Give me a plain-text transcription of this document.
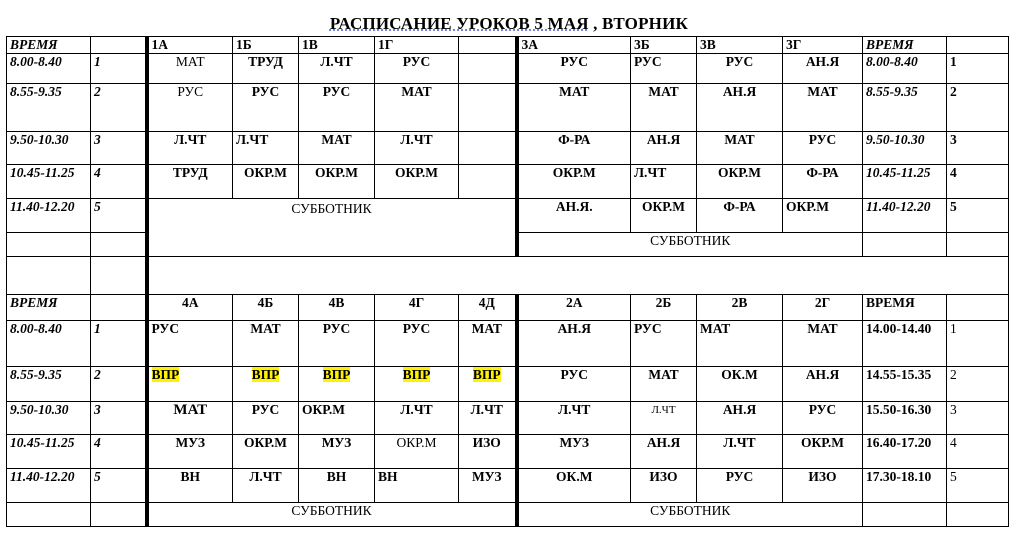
РАСПИСАНИЕ УРОКОВ 5 МАЯ , ВТОРНИК
ВРЕМЯ		1А	1Б	1В	1Г		3А	3Б	3В	3Г	ВРЕМЯ	
8.00-8.40	1	МАТ	ТРУД	Л.ЧТ	РУС		РУС	РУС	РУС	АН.Я	8.00-8.40	1
8.55-9.35	2	РУС	РУС	РУС	МАТ		МАТ	МАТ	АН.Я	МАТ	8.55-9.35	2
9.50-10.30	3	Л.ЧТ	Л.ЧТ	МАТ	Л.ЧТ		Ф-РА	АН.Я	МАТ	РУС	9.50-10.30	3
10.45-11.25	4	ТРУД	ОКР.М	ОКР.М	ОКР.М		ОКР.М	Л.ЧТ	ОКР.М	Ф-РА	10.45-11.25	4
11.40-12.20	5	СУББОТНИК					АН.Я.	ОКР.М	Ф-РА	ОКР.М	11.40-12.20	5
							СУББОТНИК					

ВРЕМЯ		4А	4Б	4В	4Г	4Д	2А	2Б	2В	2Г	ВРЕМЯ	
8.00-8.40	1	РУС	МАТ	РУС	РУС	МАТ	АН.Я	РУС	МАТ	МАТ	14.00-14.40	1
8.55-9.35	2	ВПР	ВПР	ВПР	ВПР	ВПР	РУС	МАТ	ОК.М	АН.Я	14.55-15.35	2
9.50-10.30	3	МАТ	РУС	ОКР.М	Л.ЧТ	Л.ЧТ	Л.ЧТ	Л.ЧТ	АН.Я	РУС	15.50-16.30	3
10.45-11.25	4	МУЗ	ОКР.М	МУЗ	ОКР.М	ИЗО	МУЗ	АН.Я	Л.ЧТ	ОКР.М	16.40-17.20	4
11.40-12.20	5	ВН	Л.ЧТ	ВН	ВН	МУЗ	ОК.М	ИЗО	РУС	ИЗО	17.30-18.10	5
		СУББОТНИК					СУББОТНИК					
